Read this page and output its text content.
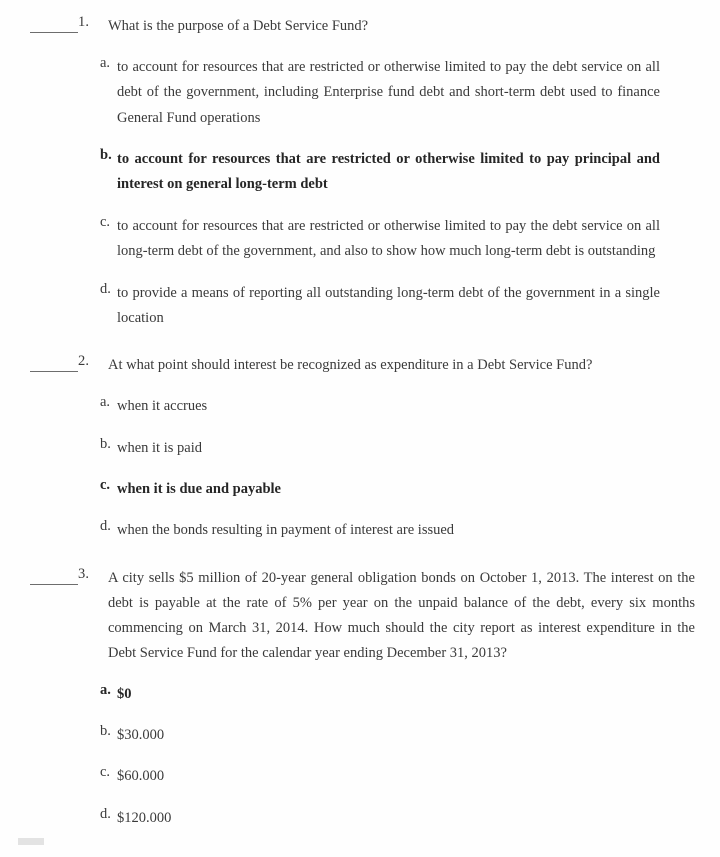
1.	What is the purpose of a Debt Service Fund?
a. to account for resources that are restricted or otherwise limited to pay the debt service on all debt of the government, including Enterprise fund debt and short-term debt used to finance General Fund operations
b. to account for resources that are restricted or otherwise limited to pay principal and interest on general long-term debt
c. to account for resources that are restricted or otherwise limited to pay the debt service on all long-term debt of the government, and also to show how much long-term debt is outstanding
d. to provide a means of reporting all outstanding long-term debt of the government in a single location
2.	At what point should interest be recognized as expenditure in a Debt Service Fund?
a. when it accrues
b. when it is paid
c. when it is due and payable
d. when the bonds resulting in payment of interest are issued
3.	A city sells $5 million of 20-year general obligation bonds on October 1, 2013. The interest on the debt is payable at the rate of 5% per year on the unpaid balance of the debt, every six months commencing on March 31, 2014. How much should the city report as interest expenditure in the Debt Service Fund for the calendar year ending December 31, 2013?
a. $0
b. $30.000
c. $60.000
d. $120.000
